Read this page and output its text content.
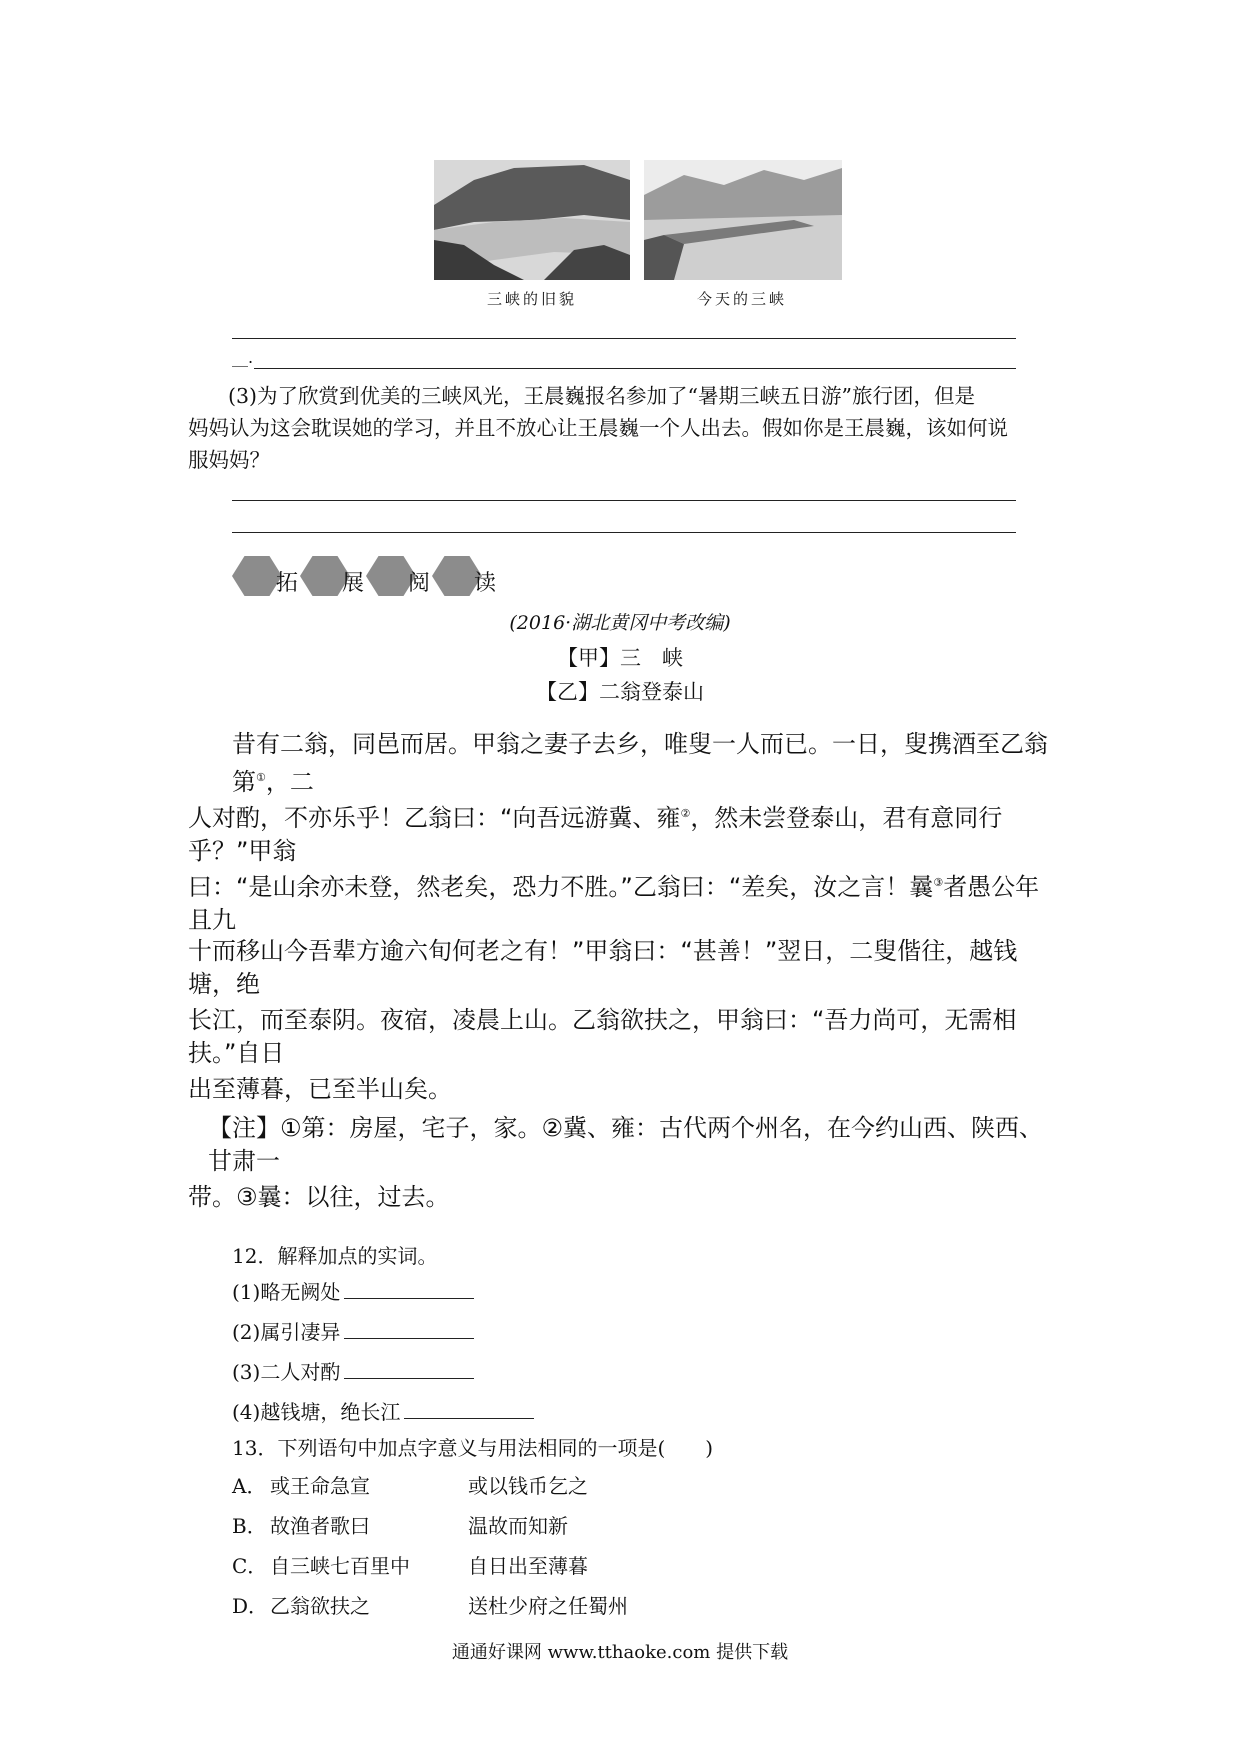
三峡的旧貌	今天的三峡
__.
(3)为了欣赏到优美的三峡风光，王晨巍报名参加了“暑期三峡五日游”旅行团，但是
妈妈认为这会耽误她的学习，并且不放心让王晨巍一个人出去。假如你是王晨巍，该如何说
服妈妈？
拓 展 阅 读
(2016·湖北黄冈中考改编)
【甲】三　峡
【乙】二翁登泰山
昔有二翁，同邑而居。甲翁之妻子去乡，唯叟一人而已。一日，叟携酒至乙翁第①，二
人对酌，不亦乐乎！乙翁曰：“向吾远游冀、雍②，然未尝登泰山，君有意同行乎？”甲翁
曰：“是山余亦未登，然老矣，恐力不胜。”乙翁曰：“差矣，汝之言！曩③者愚公年且九
十而移山今吾辈方逾六旬何老之有！”甲翁曰：“甚善！”翌日，二叟偕往，越钱塘，绝
长江，而至泰阴。夜宿，凌晨上山。乙翁欲扶之，甲翁曰：“吾力尚可，无需相扶。”自日
出至薄暮，已至半山矣。
【注】①第：房屋，宅子，家。②冀、雍：古代两个州名，在今约山西、陕西、甘肃一
带。③曩：以往，过去。
12．解释加点的实词。
(1)略无阙处
(2)属引凄异
(3)二人对酌
(4)越钱塘，绝长江
13．下列语句中加点字意义与用法相同的一项是(　　)
A． 或王命急宣	或以钱币乞之
B． 故渔者歌曰	温故而知新
C． 自三峡七百里中	自日出至薄暮
D． 乙翁欲扶之	送杜少府之任蜀州
通通好课网 www.tthaoke.com 提供下载
